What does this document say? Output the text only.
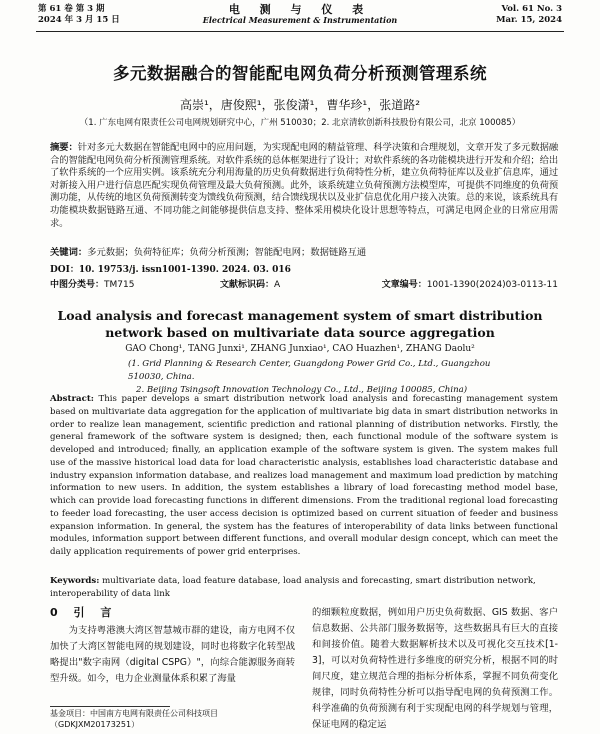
第 61 卷 第 3 期
2024 年 3 月 15 日
电 测 与 仪 表
Electrical Measurement & Instrumentation
Vol. 61 No. 3
Mar. 15, 2024
多元数据融合的智能配电网负荷分析预测管理系统
高崇¹，唐俊熙¹，张俊潇¹，曹华珍¹，张道路²
（1. 广东电网有限责任公司电网规划研究中心，广州 510030；2. 北京清软创新科技股份有限公司，北京 100085）
摘要：针对多元大数据在智能配电网中的应用问题，为实现配电网的精益管理、科学决策和合理规划，文章开发了多元数据融合的智能配电网负荷分析预测管理系统。对软件系统的总体框架进行了设计；对软件系统的各功能模块进行开发和介绍；给出了软件系统的一个应用实例。该系统充分利用海量的历史负荷数据进行负荷特性分析，建立负荷特征库以及业扩信息库，通过对新接入用户进行信息匹配实现负荷管理及最大负荷预测。此外，该系统建立负荷预测方法模型库，可提供不同维度的负荷预测功能，从传统的地区负荷预测转变为馈线负荷预测，结合馈线现状以及业扩信息优化用户接入决策。总的来说，该系统具有功能模块数据链路互通、不同功能之间能够提供信息支持、整体采用模块化设计思想等特点，可满足电网企业的日常应用需求。
关键词：多元数据；负荷特征库；负荷分析预测；智能配电网；数据链路互通
DOI：10. 19753/j. issn1001-1390. 2024. 03. 016
中图分类号：TM715	文献标识码：A	文章编号：1001-1390(2024)03-0113-11
Load analysis and forecast management system of smart distribution network based on multivariate data source aggregation
GAO Chong¹, TANG Junxi¹, ZHANG Junxiao¹, CAO Huazhen¹, ZHANG Daolu²
(1. Grid Planning & Research Center, Guangdong Power Grid Co., Ltd., Guangzhou 510030, China.
2. Beijing Tsingsoft Innovation Technology Co., Ltd., Beijing 100085, China)
Abstract: This paper develops a smart distribution network load analysis and forecasting management system based on multivariate data aggregation for the application of multivariate big data in smart distribution networks in order to realize lean management, scientific prediction and rational planning of distribution networks. Firstly, the general framework of the software system is designed; then, each functional module of the software system is developed and introduced; finally, an application example of the software system is given. The system makes full use of the massive historical load data for load characteristic analysis, establishes load characteristic database and industry expansion information database, and realizes load management and maximum load prediction by matching information to new users. In addition, the system establishes a library of load forecasting method model base, which can provide load forecasting functions in different dimensions. From the traditional regional load forecasting to feeder load forecasting, the user access decision is optimized based on current situation of feeder and business expansion information. In general, the system has the features of interoperability of data links between functional modules, information support between different functions, and overall modular design concept, which can meet the daily application requirements of power grid enterprises.
Keywords: multivariate data, load feature database, load analysis and forecasting, smart distribution network, interoperability of data link
0 引 言
为支持粤港澳大湾区智慧城市群的建设，南方电网不仅加快了大湾区智能电网的规划建设，同时也将数字化转型战略提出"数字南网（digital CSPG）"，向综合能源服务商转型升级。如今，电力企业测量体系积累了海量
的细颗粒度数据，例如用户历史负荷数据、GIS 数据、客户信息数据、公共部门服务数据等，这些数据具有巨大的直接和间接价值。随着大数据解析技术以及可视化交互技术[1-3]，可以对负荷特性进行多维度的研究分析，根据不同的时间尺度，建立规范合理的指标分析体系，掌握不同负荷变化规律，同时负荷特性分析可以指导配电网的负荷预测工作。科学准确的负荷预测有利于实现配电网的科学规划与管理，保证电网的稳定运
基金项目：中国南方电网有限责任公司科技项目（GDKJXM20173251）
